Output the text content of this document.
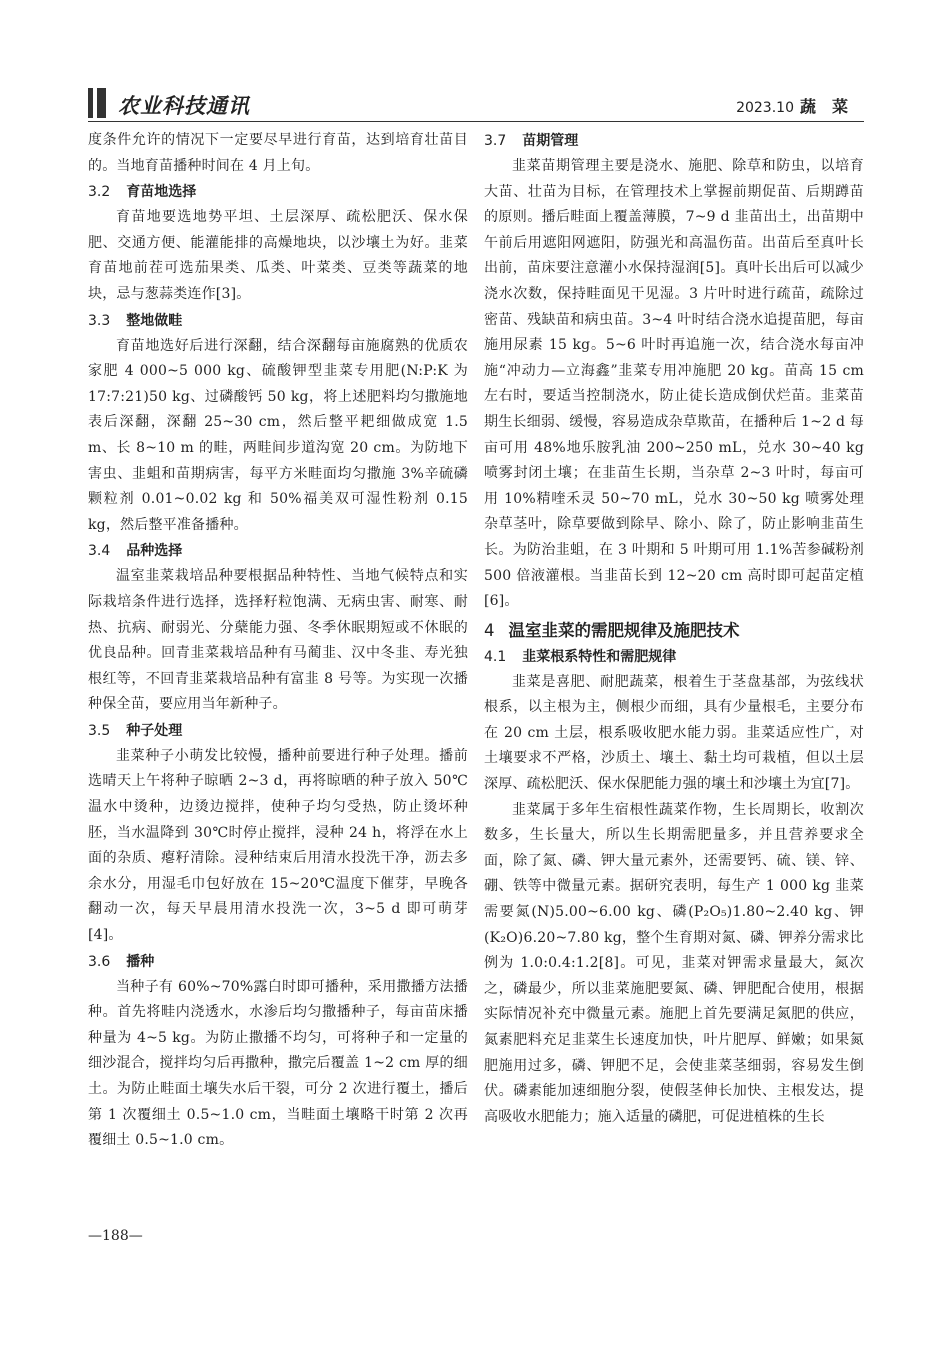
农业科技通讯	2023.10 蔬菜

度条件允许的情况下一定要尽早进行育苗，达到培育壮苗目的。当地育苗播种时间在 4 月上旬。

3.2 育苗地选择

育苗地要选地势平坦、土层深厚、疏松肥沃、保水保肥、交通方便、能灌能排的高燥地块，以沙壤土为好。韭菜育苗地前茬可选茄果类、瓜类、叶菜类、豆类等蔬菜的地块，忌与葱蒜类连作[3]。

3.3 整地做畦

育苗地选好后进行深翻，结合深翻每亩施腐熟的优质农家肥 4 000~5 000 kg、硫酸钾型韭菜专用肥(N:P:K 为 17:7:21)50 kg、过磷酸钙 50 kg，将上述肥料均匀撒施地表后深翻，深翻 25~30 cm，然后整平耙细做成宽 1.5 m、长 8~10 m 的畦，两畦间步道沟宽 20 cm。为防地下害虫、韭蛆和苗期病害，每平方米畦面均匀撒施 3%辛硫磷颗粒剂 0.01~0.02 kg 和 50%福美双可湿性粉剂 0.15 kg，然后整平准备播种。

3.4 品种选择

温室韭菜栽培品种要根据品种特性、当地气候特点和实际栽培条件进行选择，选择籽粒饱满、无病虫害、耐寒、耐热、抗病、耐弱光、分蘖能力强、冬季休眠期短或不休眠的优良品种。回青韭菜栽培品种有马蔺韭、汉中冬韭、寿光独根红等，不回青韭菜栽培品种有富韭 8 号等。为实现一次播种保全苗，要应用当年新种子。

3.5 种子处理

韭菜种子小萌发比较慢，播种前要进行种子处理。播前选晴天上午将种子晾晒 2~3 d，再将晾晒的种子放入 50℃温水中烫种，边烫边搅拌，使种子均匀受热，防止烫坏种胚，当水温降到 30℃时停止搅拌，浸种 24 h，将浮在水上面的杂质、瘪籽清除。浸种结束后用清水投洗干净，沥去多余水分，用湿毛巾包好放在 15~20℃温度下催芽，早晚各翻动一次，每天早晨用清水投洗一次，3~5 d 即可萌芽[4]。

3.6 播种

当种子有 60%~70%露白时即可播种，采用撒播方法播种。首先将畦内浇透水，水渗后均匀撒播种子，每亩苗床播种量为 4~5 kg。为防止撒播不均匀，可将种子和一定量的细沙混合，搅拌均匀后再撒种，撒完后覆盖 1~2 cm 厚的细土。为防止畦面土壤失水后干裂，可分 2 次进行覆土，播后第 1 次覆细土 0.5~1.0 cm，当畦面土壤略干时第 2 次再覆细土 0.5~1.0 cm。

3.7 苗期管理

韭菜苗期管理主要是浇水、施肥、除草和防虫，以培育大苗、壮苗为目标，在管理技术上掌握前期促苗、后期蹲苗的原则。播后畦面上覆盖薄膜，7~9 d 韭苗出土，出苗期中午前后用遮阳网遮阳，防强光和高温伤苗。出苗后至真叶长出前，苗床要注意灌小水保持湿润[5]。真叶长出后可以减少浇水次数，保持畦面见干见湿。3 片叶时进行疏苗，疏除过密苗、残缺苗和病虫苗。3~4 叶时结合浇水追提苗肥，每亩施用尿素 15 kg。5~6 叶时再追施一次，结合浇水每亩冲施“冲动力—立海鑫”韭菜专用冲施肥 20 kg。苗高 15 cm 左右时，要适当控制浇水，防止徒长造成倒伏烂苗。韭菜苗期生长细弱、缓慢，容易造成杂草欺苗，在播种后 1~2 d 每亩可用 48%地乐胺乳油 200~250 mL，兑水 30~40 kg 喷雾封闭土壤；在韭苗生长期，当杂草 2~3 叶时，每亩可用 10%精喹禾灵 50~70 mL，兑水 30~50 kg 喷雾处理杂草茎叶，除草要做到除早、除小、除了，防止影响韭苗生长。为防治韭蛆，在 3 叶期和 5 叶期可用 1.1%苦参碱粉剂 500 倍液灌根。当韭苗长到 12~20 cm 高时即可起苗定植[6]。

4 温室韭菜的需肥规律及施肥技术
4.1 韭菜根系特性和需肥规律

韭菜是喜肥、耐肥蔬菜，根着生于茎盘基部，为弦线状根系，以主根为主，侧根少而细，具有少量根毛，主要分布在 20 cm 土层，根系吸收肥水能力弱。韭菜适应性广，对土壤要求不严格，沙质土、壤土、黏土均可栽植，但以土层深厚、疏松肥沃、保水保肥能力强的壤土和沙壤土为宜[7]。

韭菜属于多年生宿根性蔬菜作物，生长周期长，收割次数多，生长量大，所以生长期需肥量多，并且营养要求全面，除了氮、磷、钾大量元素外，还需要钙、硫、镁、锌、硼、铁等中微量元素。据研究表明，每生产 1 000 kg 韭菜需要氮(N)5.00~6.00 kg、磷(P₂O₅)1.80~2.40 kg、钾(K₂O)6.20~7.80 kg，整个生育期对氮、磷、钾养分需求比例为 1.0:0.4:1.2[8]。可见，韭菜对钾需求量最大，氮次之，磷最少，所以韭菜施肥要氮、磷、钾肥配合使用，根据实际情况补充中微量元素。施肥上首先要满足氮肥的供应，氮素肥料充足韭菜生长速度加快，叶片肥厚、鲜嫩；如果氮肥施用过多，磷、钾肥不足，会使韭菜茎细弱，容易发生倒伏。磷素能加速细胞分裂，使假茎伸长加快、主根发达，提高吸收水肥能力；施入适量的磷肥，可促进植株的生长

—188—
